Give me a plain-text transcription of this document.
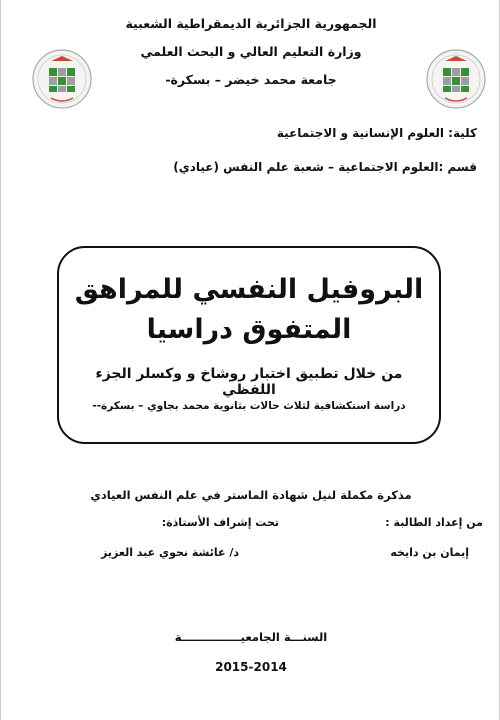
الجمهورية الجزائرية الديمقراطية الشعبية
وزارة التعليم العالي و البحث العلمي
جامعة محمد خيضر – بسكرة-
كلية: العلوم الإنسانية و الاجتماعية
قسم :العلوم الاجتماعية – شعبة علم النفس (عيادي)
البروفيل النفسي للمراهق
المتفوق دراسيا
من خلال تطبيق اختبار روشاخ و وكسلر الجزء اللفظي
دراسة استكشافية لثلاث حالات بثانوية محمد بجاوي – بسكرة--
مذكرة مكملة لنيل شهادة الماستر في علم النفس العيادي
من إعداد الطالبة :
تحت إشراف الأستاذة:
إيمان بن دايخه
د/ عائشة نحوي عبد العزيز
السنـــة الجامعيـــــــــــــــة
2015-2014
